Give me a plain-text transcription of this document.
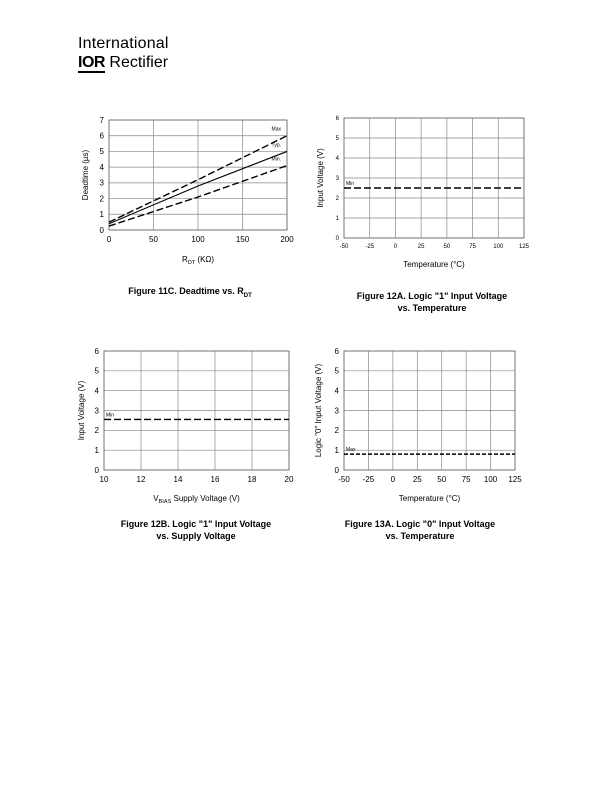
International
IOR Rectifier
0
1
2
3
4
5
6
7
0	50	100	150	200
$R_{DT}$ (KΩ)
Deadtime (µs)
Max
Typ.
Min.
Figure 11C. Deadtime vs. $R_{DT}$
0
1
2
3
4
5
6
-50	-25	0	25	50	75	100	125
Temperature (°C)
Input Voltage (V)	Min
Figure 12A. Logic "1" Input Voltage
vs. Temperature
0
1
2
3
4
5
6
10	12	14	16	18	20
$V_{BIAS}$ Supply Voltage (V)
Input Voltage (V)	Min
Figure 12B. Logic "1" Input Voltage
vs. Supply Voltage
0
1
2
3
4
5
6
-50 -25 0 25 50 75 100 125
Temperature (°C)
Logic "0" Input Voltage (V)	Max
Figure 13A. Logic "0" Input Voltage
vs. Temperature
